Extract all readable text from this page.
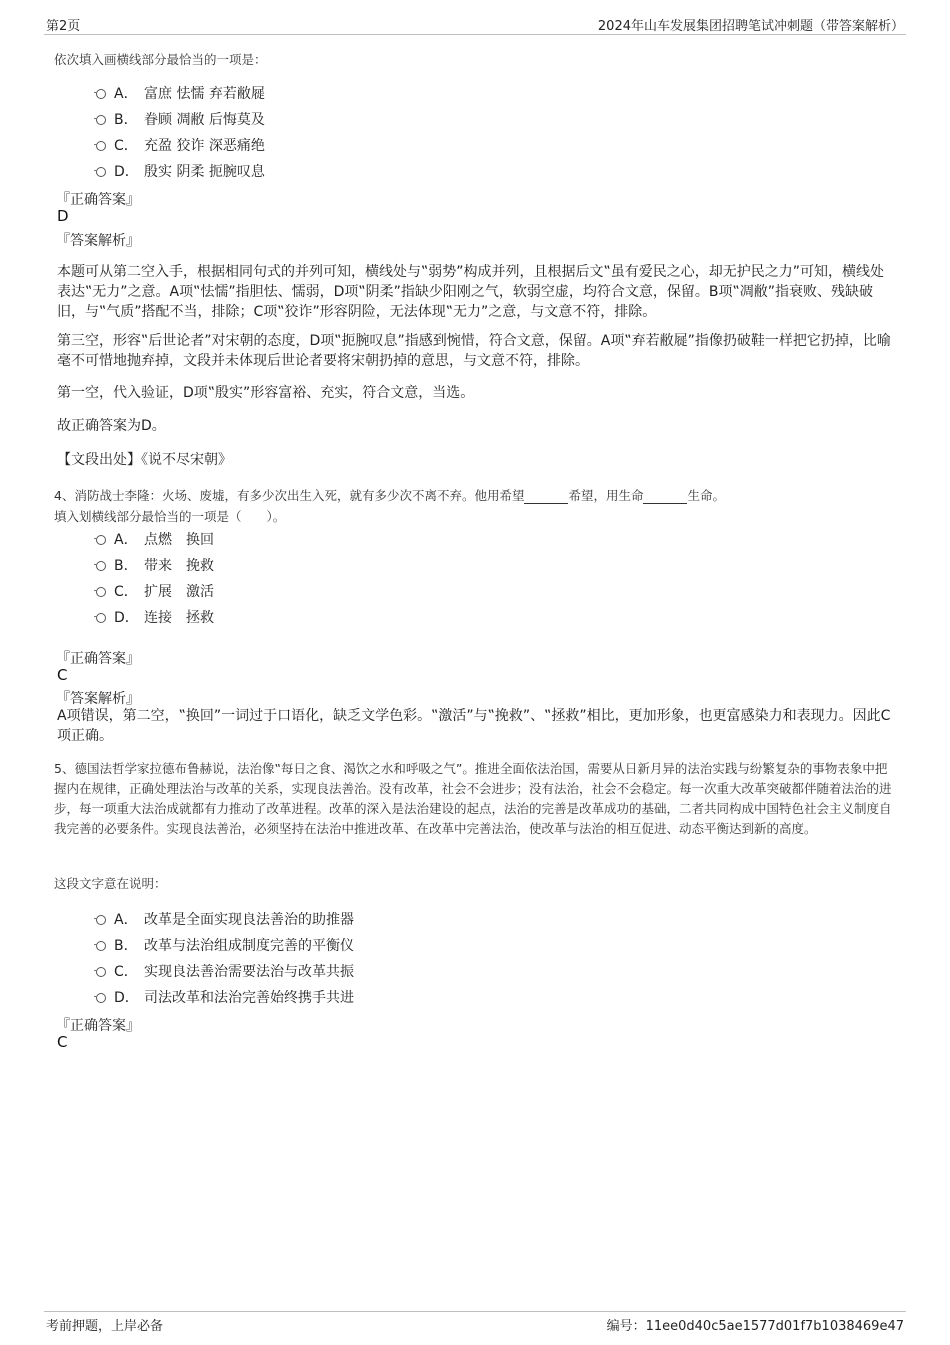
第2页	2024年山车发展集团招聘笔试冲刺题（带答案解析）
依次填入画横线部分最恰当的一项是：
A． 富庶 怯懦 弃若敝屣
B． 眷顾 凋敝 后悔莫及
C． 充盈 狡诈 深恶痛绝
D． 殷实 阴柔 扼腕叹息
『正确答案』
D
『答案解析』
本题可从第二空入手，根据相同句式的并列可知，横线处与‟弱势”构成并列，且根据后文‟虽有爱民之心，却无护民之力”可知，横线处表达‟无力”之意。A项‟怯懦”指胆怯、懦弱，D项‟阴柔”指缺少阳刚之气，软弱空虚，均符合文意，保留。B项‟凋敝”指衰败、残缺破旧，与‟气质”搭配不当，排除；C项‟狡诈”形容阴险，无法体现‟无力”之意，与文意不符，排除。
第三空，形容‟后世论者”对宋朝的态度，D项‟扼腕叹息”指感到惋惜，符合文意，保留。A项‟弃若敝屣”指像扔破鞋一样把它扔掉，比喻毫不可惜地抛弃掉，文段并未体现后世论者要将宋朝扔掉的意思，与文意不符，排除。
第一空，代入验证，D项‟殷实”形容富裕、充实，符合文意，当选。
故正确答案为D。
【文段出处】《说不尽宋朝》
4、消防战士李隆：火场、废墟，有多少次出生入死，就有多少次不离不弃。他用希望	希望，用生命	生命。
填入划横线部分最恰当的一项是（　　）。
A． 点燃　换回
B． 带来　挽救
C． 扩展　激活
D． 连接　拯救
『正确答案』
C
『答案解析』
A项错误，第二空，‟换回”一词过于口语化，缺乏文学色彩。‟激活”与‟挽救”、‟拯救”相比，更加形象，也更富感染力和表现力。因此C项正确。
5、德国法哲学家拉德布鲁赫说，法治像‟每日之食、渴饮之水和呼吸之气”。推进全面依法治国，需要从日新月异的法治实践与纷繁复杂的事物表象中把握内在规律，正确处理法治与改革的关系，实现良法善治。没有改革，社会不会进步；没有法治，社会不会稳定。每一次重大改革突破都伴随着法治的进步，每一项重大法治成就都有力推动了改革进程。改革的深入是法治建设的起点，法治的完善是改革成功的基础，二者共同构成中国特色社会主义制度自我完善的必要条件。实现良法善治，必须坚持在法治中推进改革、在改革中完善法治，使改革与法治的相互促进、动态平衡达到新的高度。
这段文字意在说明：
A． 改革是全面实现良法善治的助推器
B． 改革与法治组成制度完善的平衡仪
C． 实现良法善治需要法治与改革共振
D． 司法改革和法治完善始终携手共进
『正确答案』
C
考前押题，上岸必备	编号：11ee0d40c5ae1577d01f7b1038469e47
